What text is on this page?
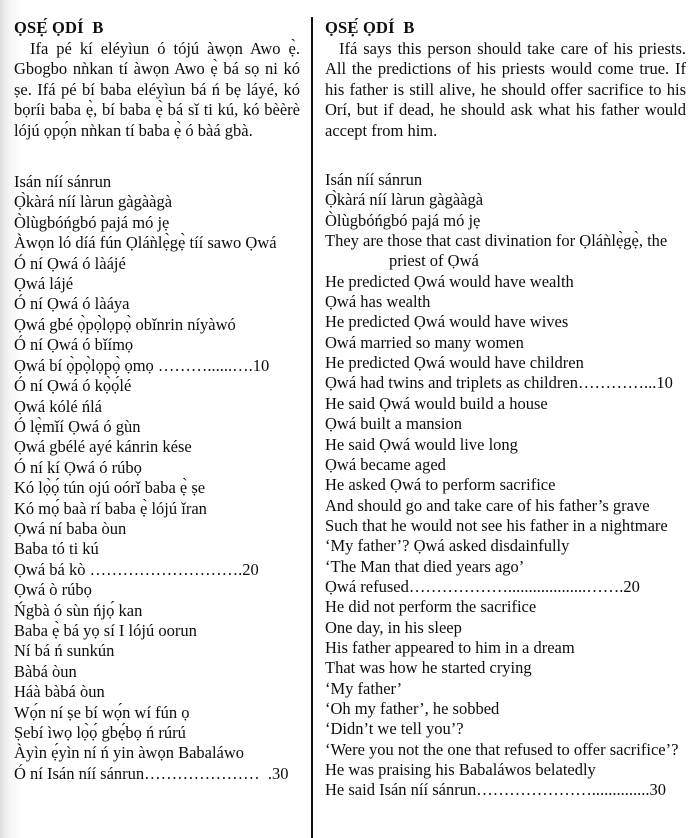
ỌSẸ́ ỌDÍ  B

Ifa pé kí eléyìun ó tójú àwọn Awo ẹ̀. Gbogbo nǹkan tí àwọn Awo ẹ̀ bá sọ ni kó ṣe. Ifá pé bí baba eléyìun bá ń bẹ láyé, kó bọríi baba ẹ̀, bí baba ẹ̀ bá sǐ ti kú, kó bèèrè lójú ọpọ́n nǹkan tí baba ẹ̀ ó bàá gbà.

Isán níí sánrun
Ọ̀kàrá níí làrun gàgààgà
Òlùgbóńgbó pajá mó jẹ
Àwọn ló díá fún Ọláǹlẹ̀gẹ̀ tíí sawo Ọwá
Ó ní Ọwá ó làájé
Ọwá lájé
Ó ní Ọwá ó làáya
Ọwá gbé ọ̀pọ̀lọpọ̀ obǐnrin níyàwó
Ó ní Ọwá ó bǐímọ
Ọwá bí ọ̀pọ̀lọpọ̀ ọmọ ………......….10
Ó ní Ọwá ó kọ̀ọ́lé
Ọwá kólé ńlá
Ó lẹ̀mǐí Ọwá ó gùn
Ọwá gbélé ayé kánrin kése
Ó ní kí Ọwá ó rúbọ
Kó lọ̀ọ́ tún ojú oórǐ baba ẹ̀ ṣe
Kó mọ́ baà rí baba ẹ̀ lójú ǐran
Ọwá ní baba òun
Baba tó ti kú
Ọwá bá kò ……………………….20
Ọwá ò rúbọ
Ńgbà ó sùn ńjọ́ kan
Baba ẹ̀ bá yọ sí I lójú oorun
Ní bá ń sunkún
Bàbá òun
Háà bàbá òun
Wọ́n ní ṣe bí wọ́n wí fún ọ
Ṣebí ìwọ lọ̀ọ́ gbẹ́bọ ń rúrú
Àyìn ẹ́yìn ní ń yin àwọn Babaláwo
Ó ní Isán níí sánrun…………………  .30
ỌSẸ́ ỌDÍ  B

Ifá says this person should take care of his priests. All the predictions of his priests would come true. If his father is still alive, he should offer sacrifice to his Orí, but if dead, he should ask what his father would accept from him.

Isán níí sánrun
Ọ̀kàrá níí làrun gàgààgà
Òlùgbóńgbó pajá mó jẹ
They are those that cast divination for Ọláǹlẹ̀gẹ̀, the
priest of Ọwá
He predicted Ọwá would have wealth
Ọwá has wealth
He predicted Ọwá would have wives
Owá married so many women
He predicted Ọwá would have children
Ọwá had twins and triplets as children…………...10
He said Ọwá would build a house
Ọwá built a mansion
He said Ọwá would live long
Ọwá became aged
He asked Ọwá to perform sacrifice
And should go and take care of his father’s grave
Such that he would not see his father in a nightmare
‘My father’? Ọwá asked disdainfully
‘The Man that died years ago’
Ọwá refused………………...................…….20
He did not perform the sacrifice
One day, in his sleep
His father appeared to him in a dream
That was how he started crying
‘My father’
‘Oh my father’, he sobbed
‘Didn’t we tell you’?
‘Were you not the one that refused to offer sacrifice’?
He was praising his Babaláwos belatedly
He said Isán níí sánrun…………………..............30
